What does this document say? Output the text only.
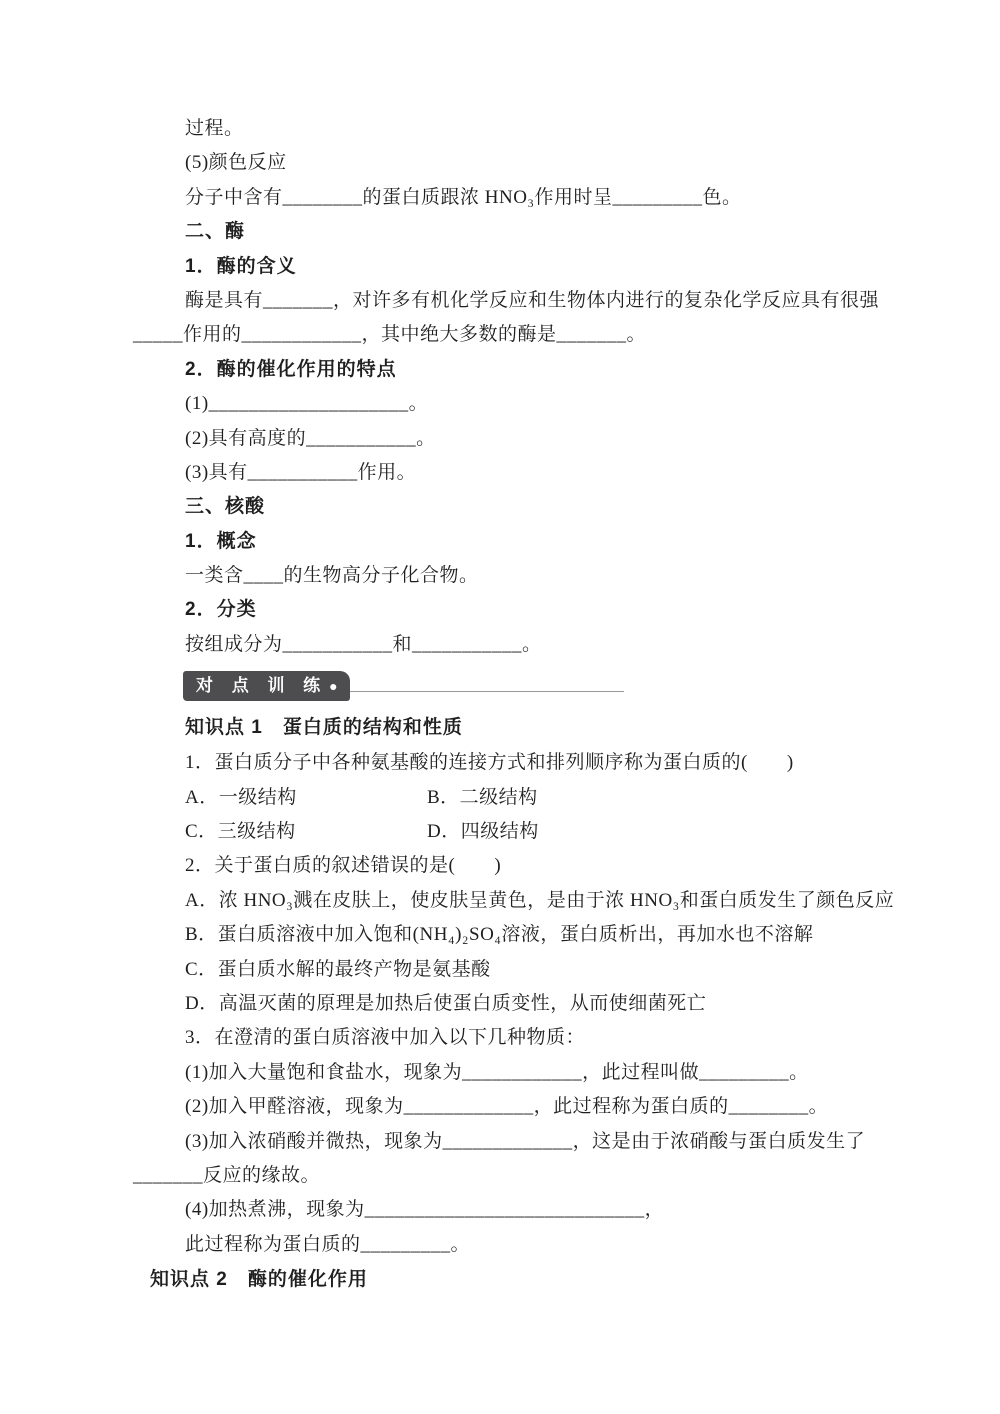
过程。
(5)颜色反应
分子中含有________的蛋白质跟浓 HNO₃作用时呈_________色。
二、酶
1．酶的含义
酶是具有_______，对许多有机化学反应和生物体内进行的复杂化学反应具有很强
_____作用的____________，其中绝大多数的酶是_______。
2．酶的催化作用的特点
(1)____________________。
(2)具有高度的___________。
(3)具有___________作用。
三、核酸
1．概念
一类含____的生物高分子化合物。
2．分类
按组成分为___________和___________。
对 点 训 练 ●
知识点 1　蛋白质的结构和性质
1．蛋白质分子中各种氨基酸的连接方式和排列顺序称为蛋白质的(　　)
A．一级结构	B．二级结构
C．三级结构	D．四级结构
2．关于蛋白质的叙述错误的是(　　)
A．浓 HNO₃溅在皮肤上，使皮肤呈黄色，是由于浓 HNO₃和蛋白质发生了颜色反应
B．蛋白质溶液中加入饱和(NH₄)₂SO₄溶液，蛋白质析出，再加水也不溶解
C．蛋白质水解的最终产物是氨基酸
D．高温灭菌的原理是加热后使蛋白质变性，从而使细菌死亡
3．在澄清的蛋白质溶液中加入以下几种物质：
(1)加入大量饱和食盐水，现象为____________，此过程叫做_________。
(2)加入甲醛溶液，现象为_____________，此过程称为蛋白质的________。
(3)加入浓硝酸并微热，现象为_____________，这是由于浓硝酸与蛋白质发生了
_______反应的缘故。
(4)加热煮沸，现象为____________________________，
此过程称为蛋白质的_________。
知识点 2　酶的催化作用
